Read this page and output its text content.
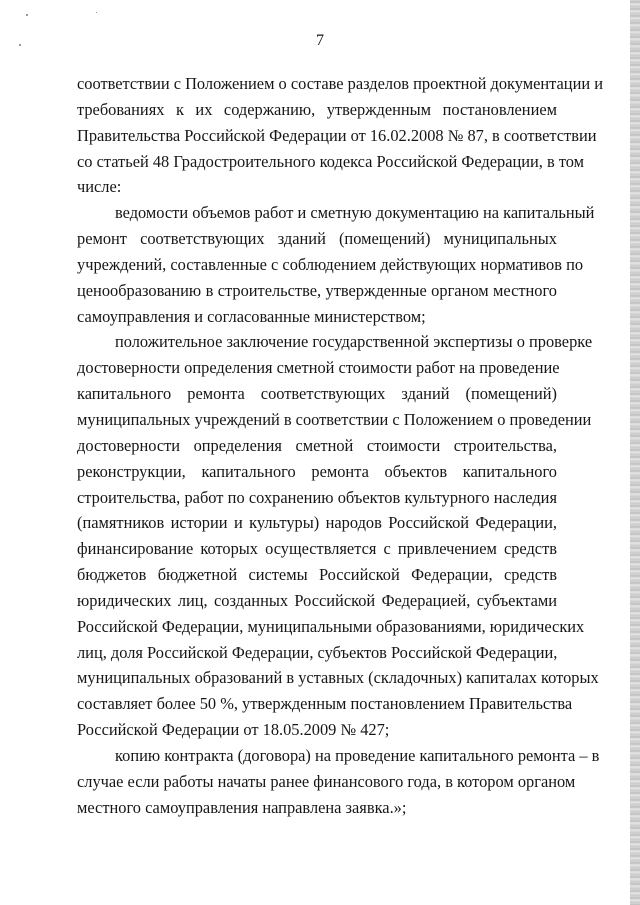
7
соответствии с Положением о составе разделов проектной документации и
требованиях к их содержанию, утвержденным постановлением
Правительства Российской Федерации от 16.02.2008 № 87, в соответствии
со статьей 48 Градостроительного кодекса Российской Федерации, в том
числе:
ведомости объемов работ и сметную документацию на капитальный
ремонт соответствующих зданий (помещений) муниципальных
учреждений, составленные с соблюдением действующих нормативов по
ценообразованию в строительстве, утвержденные органом местного
самоуправления и согласованные министерством;
положительное заключение государственной экспертизы о проверке
достоверности определения сметной стоимости работ на проведение
капитального ремонта соответствующих зданий (помещений)
муниципальных учреждений в соответствии с Положением о проведении
достоверности определения сметной стоимости строительства,
реконструкции, капитального ремонта объектов капитального
строительства, работ по сохранению объектов культурного наследия
(памятников истории и культуры) народов Российской Федерации,
финансирование которых осуществляется с привлечением средств
бюджетов бюджетной системы Российской Федерации, средств
юридических лиц, созданных Российской Федерацией, субъектами
Российской Федерации, муниципальными образованиями, юридических
лиц, доля Российской Федерации, субъектов Российской Федерации,
муниципальных образований в уставных (складочных) капиталах которых
составляет более 50 %, утвержденным постановлением Правительства
Российской Федерации от 18.05.2009 № 427;
копию контракта (договора) на проведение капитального ремонта – в
случае если работы начаты ранее финансового года, в котором органом
местного самоуправления направлена заявка.»;
